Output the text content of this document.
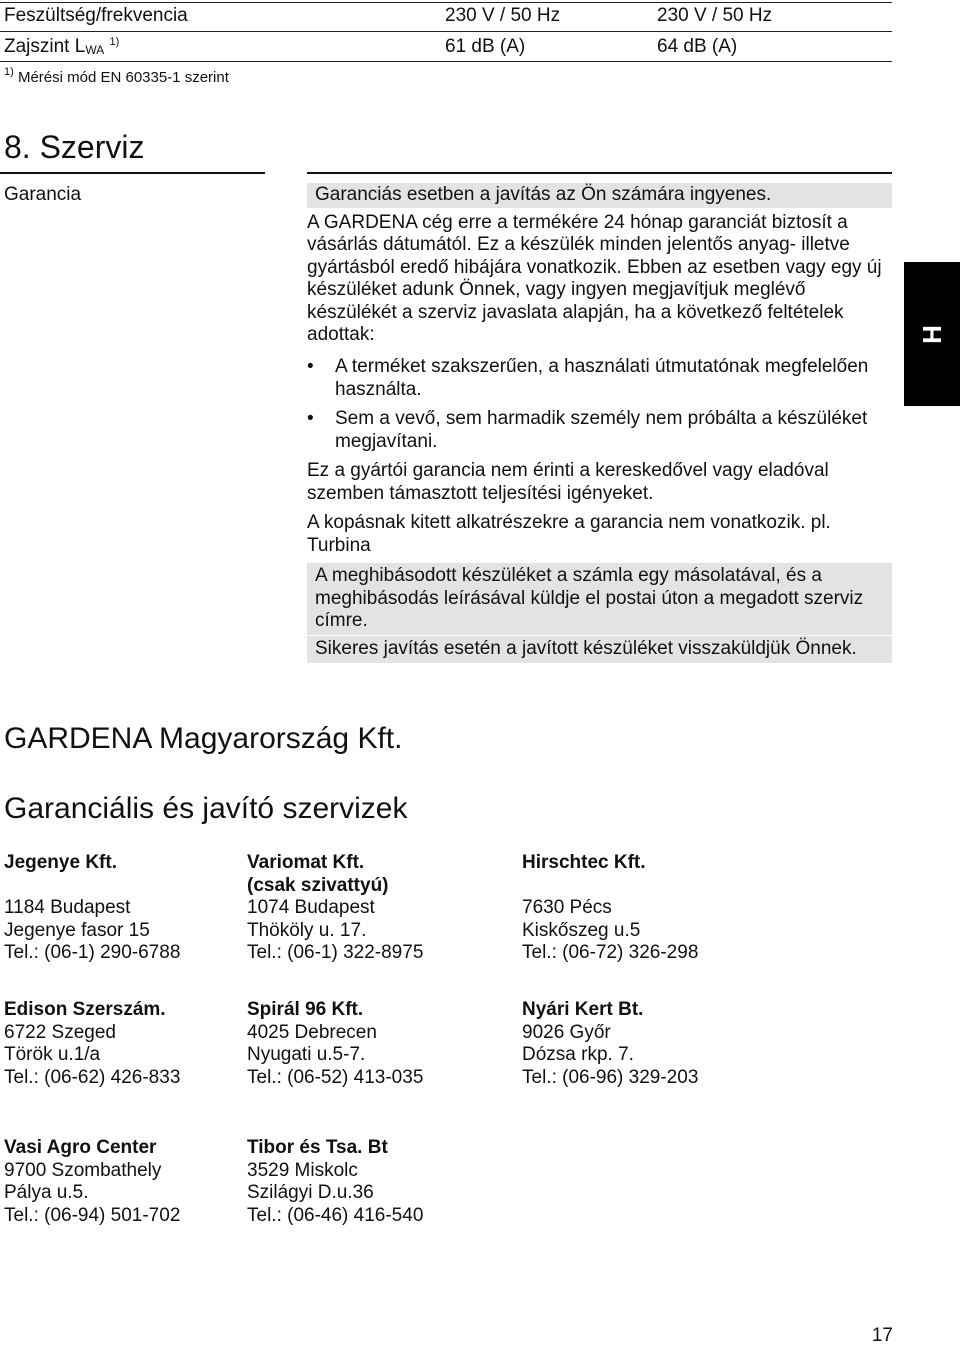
Feszültség/frekvencia	230 V / 50 Hz	230 V / 50 Hz
Zajszint $L_{WA}$ $^{1)}$	61 dB (A)	64 dB (A)
$^{1)}$ Mérési mód EN 60335-1 szerint
8. Szerviz
Garancia	Garanciás esetben a javítás az Ön számára ingyenes.

A GARDENA cég erre a termékére 24 hónap garanciát biztosít a vásárlás dátumától. Ez a készülék minden jelentős anyag- illetve gyártásból eredő hibájára vonatkozik. Ebben az esetben vagy egy új készüléket adunk Önnek, vagy ingyen megjavítjuk meglévő készülékét a szerviz javaslata alapján, ha a következő feltételek adottak:

• A terméket szakszerűen, a használati útmutatónak megfelelően használta.
• Sem a vevő, sem harmadik személy nem próbálta a készüléket megjavítani.
Ez a gyártói garancia nem érinti a kereskedővel vagy eladóval szemben támasztott teljesítési igényeket.
A kopásnak kitett alkatrészekre a garancia nem vonatkozik. pl. Turbina
A meghibásodott készüléket a számla egy másolatával, és a meghibásodás leírásával küldje el postai úton a megadott szerviz címre.
Sikeres javítás esetén a javított készüléket visszaküldjük Önnek.
H
GARDENA Magyarország Kft.
Garanciális és javító szervizek
Jegenye Kft.

1184 Budapest
Jegenye fasor 15
Tel.: (06-1) 290-6788
Variomat Kft.
(csak szivattyú)
1074 Budapest
Thököly u. 17.
Tel.: (06-1) 322-8975
Hirschtec Kft.

7630 Pécs
Kiskőszeg u.5
Tel.: (06-72) 326-298
Edison Szerszám.
6722 Szeged
Török u.1/a
Tel.: (06-62) 426-833
Spirál 96 Kft.
4025 Debrecen
Nyugati u.5-7.
Tel.: (06-52) 413-035
Nyári Kert Bt.
9026 Győr
Dózsa rkp. 7.
Tel.: (06-96) 329-203
Vasi Agro Center
9700 Szombathely
Pálya u.5.
Tel.: (06-94) 501-702
Tibor és Tsa. Bt
3529 Miskolc
Szilágyi D.u.36
Tel.: (06-46) 416-540
17
